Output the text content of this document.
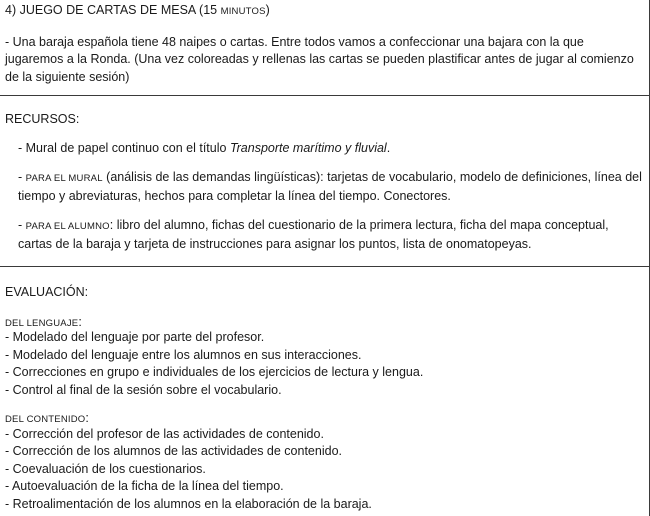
4) JUEGO DE CARTAS DE MESA (15 MINUTOS)

- Una baraja española tiene 48 naipes o cartas. Entre todos vamos a confeccionar una bajara con la que jugaremos a la Ronda. (Una vez coloreadas y rellenas las cartas se pueden plastificar antes de jugar al comienzo de la siguiente sesión)

RECURSOS:

- Mural de papel continuo con el título Transporte marítimo y fluvial.

- PARA EL MURAL (análisis de las demandas lingüísticas): tarjetas de vocabulario, modelo de definiciones, línea del tiempo y abreviaturas, hechos para completar la línea del tiempo. Conectores.

- PARA EL ALUMNO: libro del alumno, fichas del cuestionario de la primera lectura, ficha del mapa conceptual, cartas de la baraja y tarjeta de instrucciones para asignar los puntos, lista de onomatopeyas.

EVALUACIÓN:

DEL LENGUAJE:

- Modelado del lenguaje por parte del profesor.

- Modelado del lenguaje entre los alumnos en sus interacciones.

- Correcciones en grupo e individuales de los ejercicios de lectura y lengua.

- Control al final de la sesión sobre el vocabulario.

DEL CONTENIDO:

- Corrección del profesor de las actividades de contenido.

- Corrección de los alumnos de las actividades de contenido.

- Coevaluación de los cuestionarios.

- Autoevaluación de la ficha de la línea del tiempo.

- Retroalimentación de los alumnos en la elaboración de la baraja.
